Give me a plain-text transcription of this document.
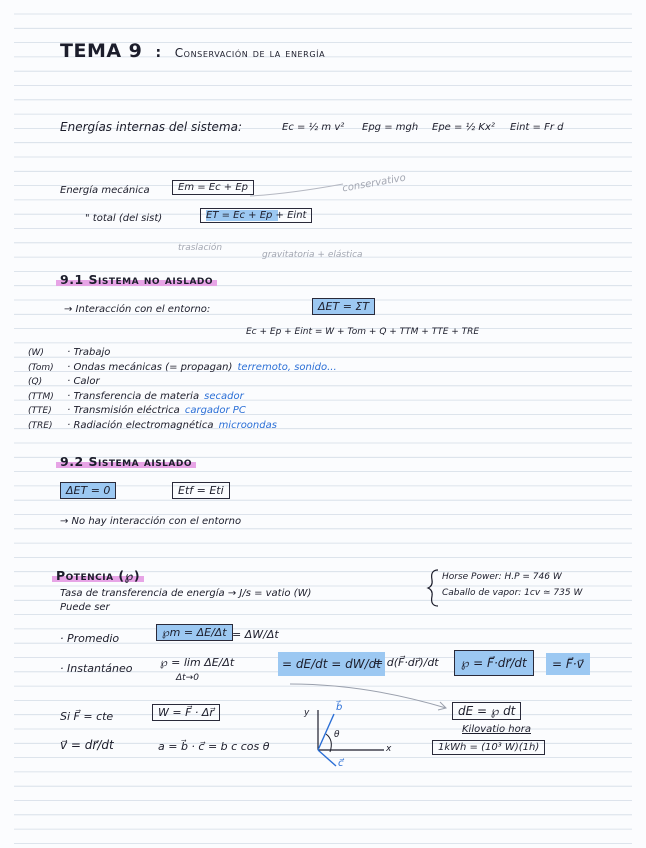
TEMA 9 : Conservación de la energía
Energías internas del sistema:	Ec = ½ m v² Epg = mgh Epe = ½ Kx² Eint = Fr d
Energía mecánica	Em = Ec + Ep	conservativo
" total (del sist)	ET = Ec + Ep + Eint
traslación
gravitatoria + elástica
9.1 Sistema no aislado
→ Interacción con el entorno:	ΔET = ΣT
Ec + Ep + Eint = W + Tom + Q + TTM + TTE + TRE
(W) · Trabajo
(Tom) · Ondas mecánicas (= propagan) terremoto, sonido...
(Q) · Calor
(TTM) · Transferencia de materia secador
(TTE) · Transmisión eléctrica cargador PC
(TRE) · Radiación electromagnética microondas
9.2 Sistema aislado
ΔET = 0	Etf = Eti
→ No hay interacción con el entorno
Potencia (℘)
Tasa de transferencia de energía → J/s = vatio (W)
Puede ser
Horse Power: H.P = 746 W
Caballo de vapor: 1cv ≃ 735 W
· Promedio	℘m = ΔE/Δt = ΔW/Δt
· Instantáneo	℘ = lim ΔE/Δt
Δt→0
= dE/dt = dW/dt
= d(F⃗·dr⃗)/dt	℘ = F⃗·dr⃗/dt	= F⃗·v⃗
Si F⃗ = cte	W = F⃗ · Δr⃗
v⃗ = dr⃗/dt	a = b⃗ · c⃗ = b c cos θ
y
x
b⃗
c⃗
θ
dE = ℘ dt
Kilovatio hora
1kWh = (10³ W)(1h)
